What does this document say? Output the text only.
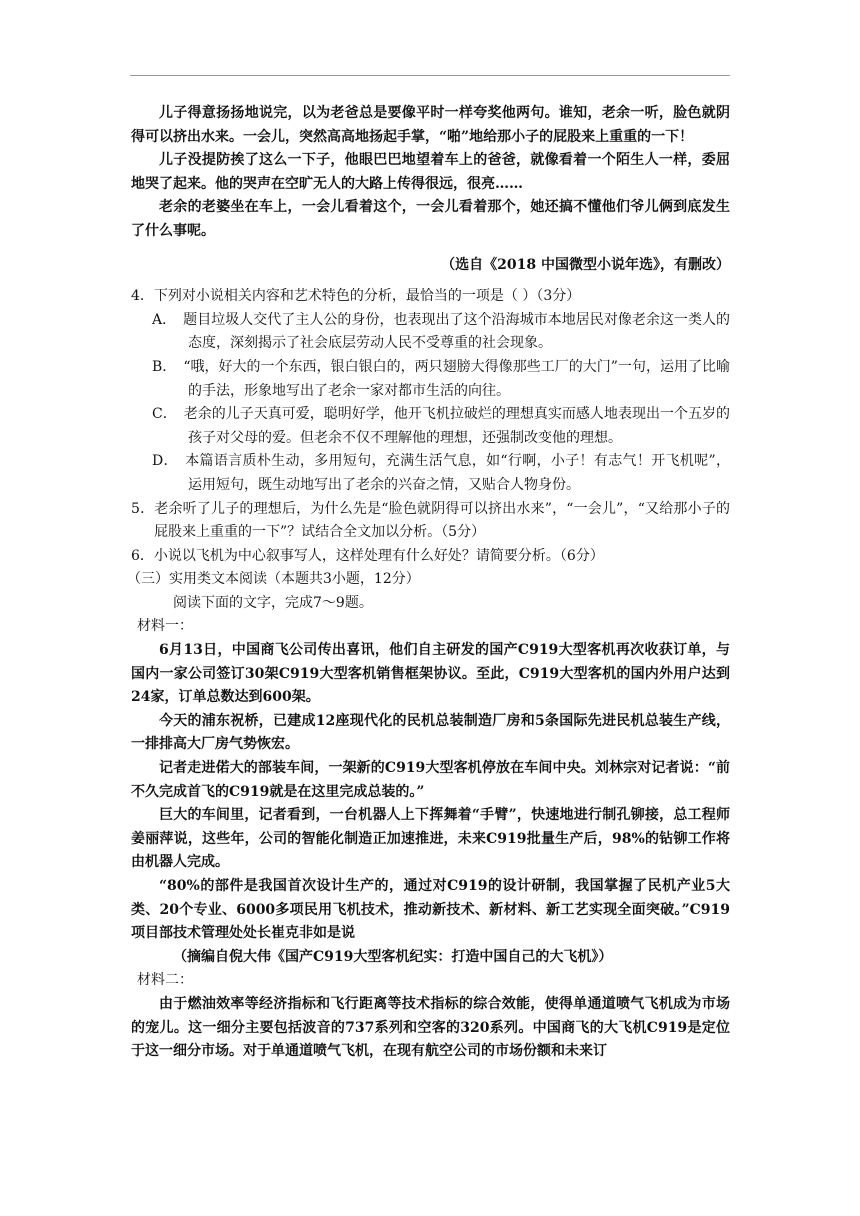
儿子得意扬扬地说完，以为老爸总是要像平时一样夸奖他两句。谁知，老余一听，脸色就阴得可以挤出水来。一会儿，突然高高地扬起手掌，“啪”地给那小子的屁股来上重重的一下！

儿子没提防挨了这么一下子，他眼巴巴地望着车上的爸爸，就像看着一个陌生人一样，委屈地哭了起来。他的哭声在空旷无人的大路上传得很远，很亮……

老余的老婆坐在车上，一会儿看着这个，一会儿看着那个，她还搞不懂他们爷儿俩到底发生了什么事呢。

（选自《2018 中国微型小说年选》，有删改）

4．下列对小说相关内容和艺术特色的分析，最恰当的一项是（ ）（3分）

A．　题目垃圾人交代了主人公的身份，也表现出了这个沿海城市本地居民对像老余这一类人的态度，深刻揭示了社会底层劳动人民不受尊重的社会现象。

B．　“哦，好大的一个东西，银白银白的，两只翅膀大得像那些工厂的大门”一句，运用了比喻的手法，形象地写出了老余一家对都市生活的向往。

C．　老余的儿子天真可爱，聪明好学，他开飞机拉破烂的理想真实而感人地表现出一个五岁的孩子对父母的爱。但老余不仅不理解他的理想，还强制改变他的理想。

D．　本篇语言质朴生动，多用短句，充满生活气息，如“行啊，小子！有志气！开飞机呢”，运用短句，既生动地写出了老余的兴奋之情，又贴合人物身份。

5．老余听了儿子的理想后，为什么先是“脸色就阴得可以挤出水来”，“一会儿”，“又给那小子的屁股来上重重的一下”？试结合全文加以分析。（5分）

6．小说以飞机为中心叙事写人，这样处理有什么好处？请简要分析。（6分）

（三）实用类文本阅读（本题共3小题，12分）

阅读下面的文字，完成7～9题。

材料一：

6月13日，中国商飞公司传出喜讯，他们自主研发的国产C919大型客机再次收获订单，与国内一家公司签订30架C919大型客机销售框架协议。至此，C919大型客机的国内外用户达到24家，订单总数达到600架。

今天的浦东祝桥，已建成12座现代化的民机总装制造厂房和5条国际先进民机总装生产线，一排排高大厂房气势恢宏。

记者走进偌大的部装车间，一架新的C919大型客机停放在车间中央。刘林宗对记者说：“前不久完成首飞的C919就是在这里完成总装的。”

巨大的车间里，记者看到，一台机器人上下挥舞着“手臂”，快速地进行制孔铆接，总工程师姜丽萍说，这些年，公司的智能化制造正加速推进，未来C919批量生产后，98%的钻铆工作将由机器人完成。

“80%的部件是我国首次设计生产的，通过对C919的设计研制，我国掌握了民机产业5大类、20个专业、6000多项民用飞机技术，推动新技术、新材料、新工艺实现全面突破。”C919项目部技术管理处处长崔克非如是说

（摘编自倪大伟《国产C919大型客机纪实：打造中国自己的大飞机》）

材料二：

由于燃油效率等经济指标和飞行距离等技术指标的综合效能，使得单通道喷气飞机成为市场的宠儿。这一细分主要包括波音的737系列和空客的320系列。中国商飞的大飞机C919是定位于这一细分市场。对于单通道喷气飞机，在现有航空公司的市场份额和未来订
